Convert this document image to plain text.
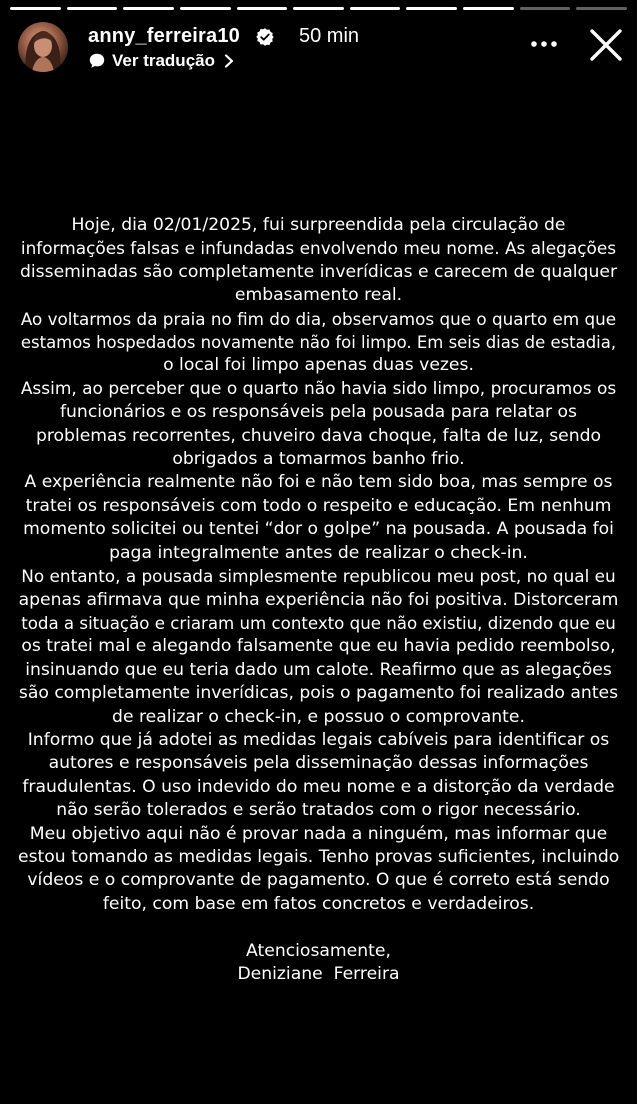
anny_ferreira10	50 min
Ver tradução
Hoje, dia 02/01/2025, fui surpreendida pela circulação de
informações falsas e infundadas envolvendo meu nome. As alegações
disseminadas são completamente inverídicas e carecem de qualquer
embasamento real.
Ao voltarmos da praia no fim do dia, observamos que o quarto em que
estamos hospedados novamente não foi limpo. Em seis dias de estadia,
o local foi limpo apenas duas vezes.
Assim, ao perceber que o quarto não havia sido limpo, procuramos os
funcionários e os responsáveis pela pousada para relatar os
problemas recorrentes, chuveiro dava choque, falta de luz, sendo
obrigados a tomarmos banho frio.
A experiência realmente não foi e não tem sido boa, mas sempre os
tratei os responsáveis com todo o respeito e educação. Em nenhum
momento solicitei ou tentei “dor o golpe” na pousada. A pousada foi
paga integralmente antes de realizar o check-in.
No entanto, a pousada simplesmente republicou meu post, no qual eu
apenas afirmava que minha experiência não foi positiva. Distorceram
toda a situação e criaram um contexto que não existiu, dizendo que eu
os tratei mal e alegando falsamente que eu havia pedido reembolso,
insinuando que eu teria dado um calote. Reafirmo que as alegações
são completamente inverídicas, pois o pagamento foi realizado antes
de realizar o check-in, e possuo o comprovante.
Informo que já adotei as medidas legais cabíveis para identificar os
autores e responsáveis pela disseminação dessas informações
fraudulentas. O uso indevido do meu nome e a distorção da verdade
não serão tolerados e serão tratados com o rigor necessário.
Meu objetivo aqui não é provar nada a ninguém, mas informar que
estou tomando as medidas legais. Tenho provas suficientes, incluindo
vídeos e o comprovante de pagamento. O que é correto está sendo
feito, com base em fatos concretos e verdadeiros.
Atenciosamente,
Deniziane  Ferreira
